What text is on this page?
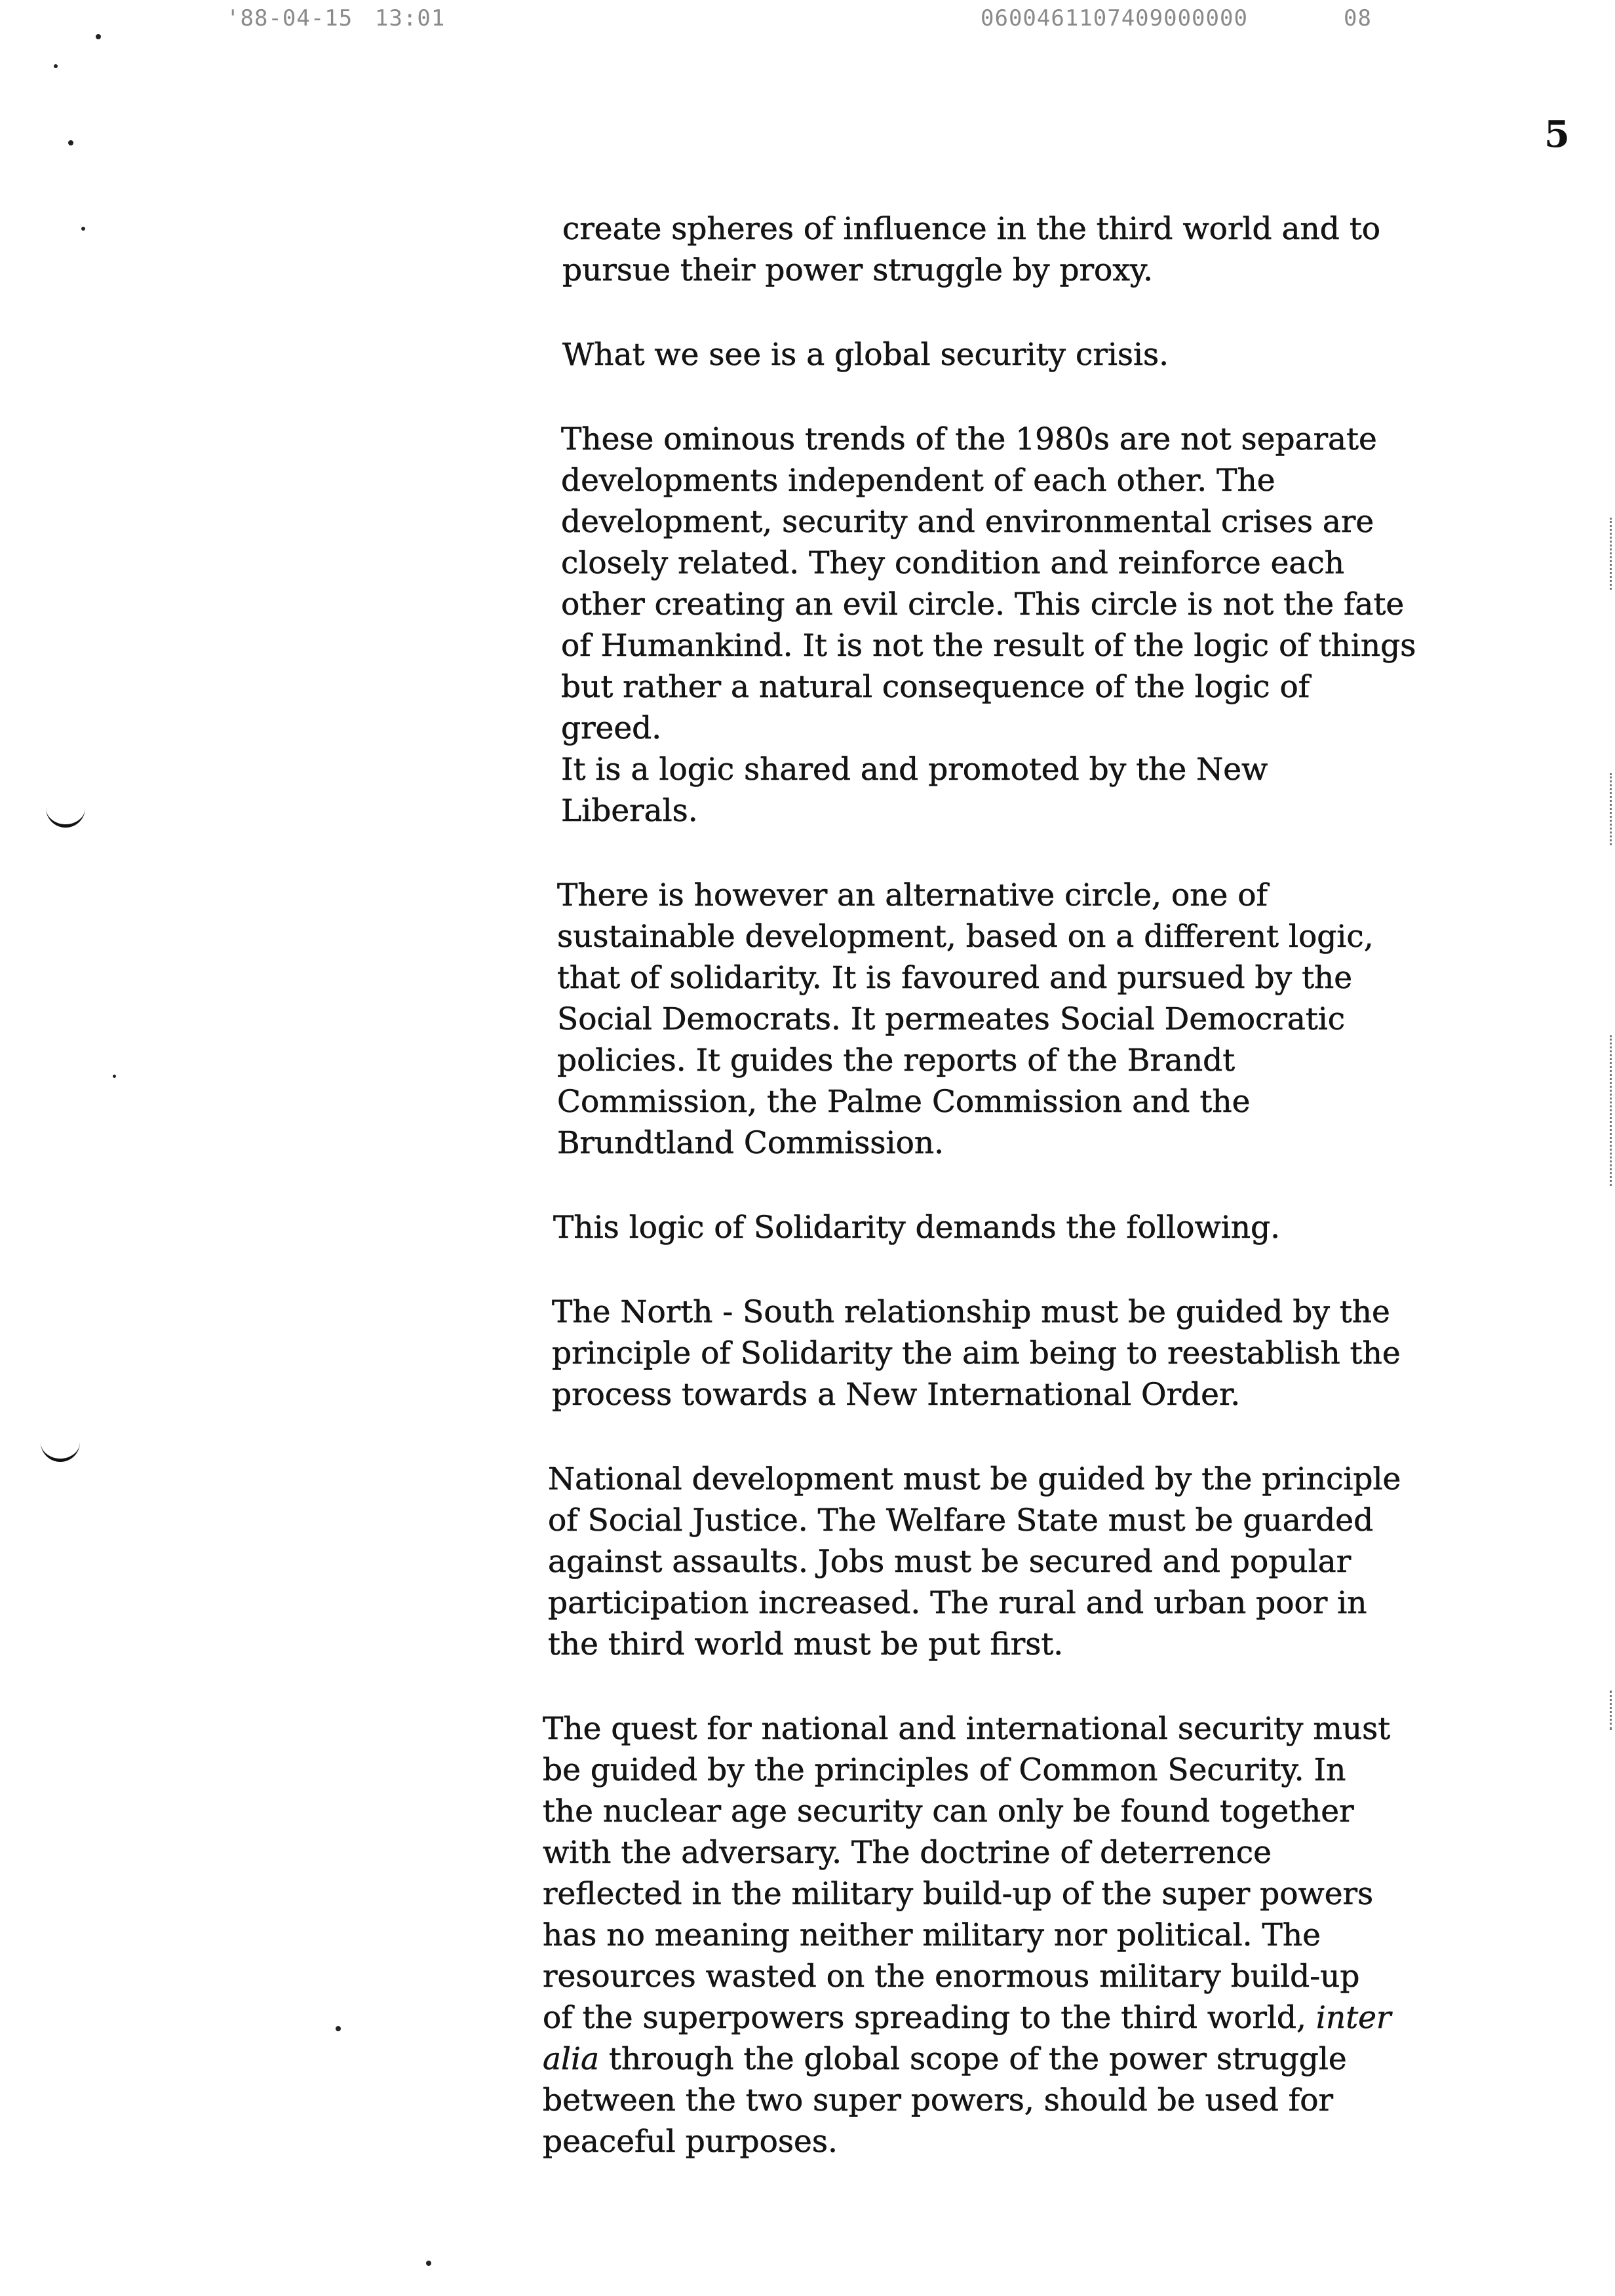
'88-04-15 13:01	0600461107409000000	08
5

create spheres of influence in the third world and to
pursue their power struggle by proxy.

What we see is a global security crisis.

These ominous trends of the 1980s are not separate
developments independent of each other. The
development, security and environmental crises are
closely related. They condition and reinforce each
other creating an evil circle. This circle is not the fate
of Humankind. It is not the result of the logic of things
but rather a natural consequence of the logic of greed.
It is a logic shared and promoted by the New
Liberals.

There is however an alternative circle, one of
sustainable development, based on a different logic,
that of solidarity. It is favoured and pursued by the
Social Democrats. It permeates Social Democratic
policies. It guides the reports of the Brandt
Commission, the Palme Commission and the
Brundtland Commission.

This logic of Solidarity demands the following.

The North - South relationship must be guided by the
principle of Solidarity the aim being to reestablish the
process towards a New International Order.

National development must be guided by the principle
of Social Justice. The Welfare State must be guarded
against assaults. Jobs must be secured and popular
participation increased. The rural and urban poor in
the third world must be put first.

The quest for national and international security must
be guided by the principles of Common Security. In
the nuclear age security can only be found together
with the adversary. The doctrine of deterrence
reflected in the military build-up of the super powers
has no meaning neither military nor political. The
resources wasted on the enormous military build-up
of the superpowers spreading to the third world, inter
alia through the global scope of the power struggle
between the two super powers, should be used for
peaceful purposes.
